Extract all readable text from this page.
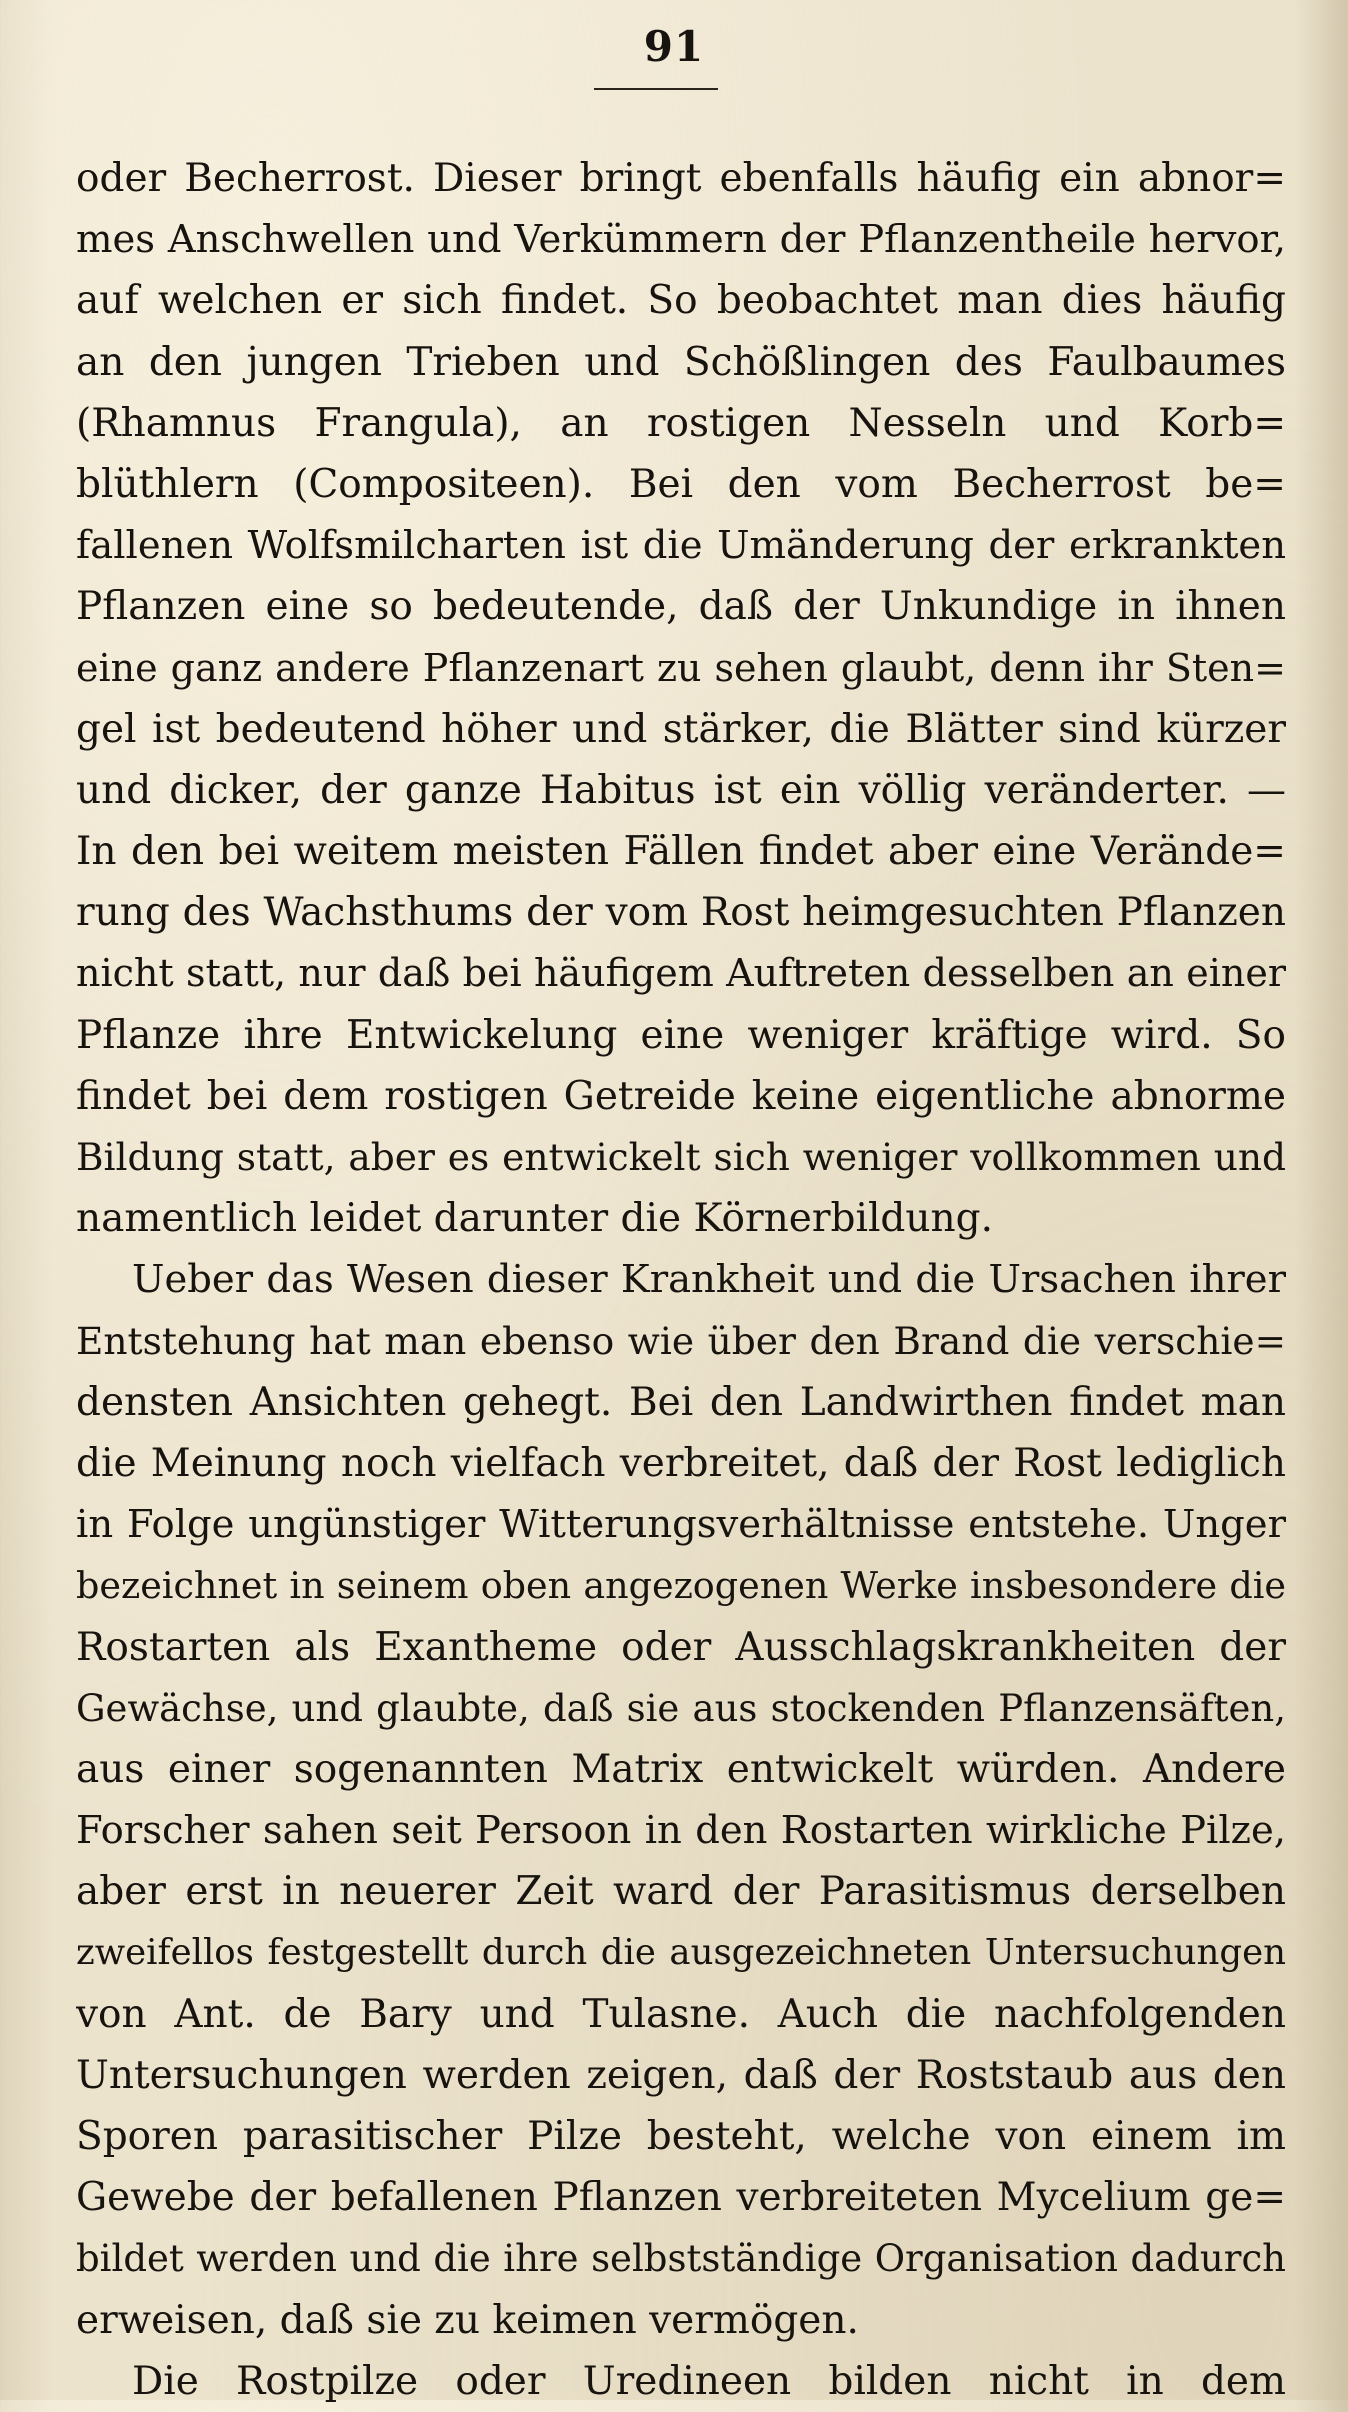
91
oder Becherrost. Dieser bringt ebenfalls häufig ein abnor=
mes Anschwellen und Verkümmern der Pflanzentheile hervor,
auf welchen er sich findet. So beobachtet man dies häufig
an den jungen Trieben und Schößlingen des Faulbaumes
(Rhamnus Frangula), an rostigen Nesseln und Korb=
blüthlern (Compositeen). Bei den vom Becherrost be=
fallenen Wolfsmilcharten ist die Umänderung der erkrankten
Pflanzen eine so bedeutende, daß der Unkundige in ihnen
eine ganz andere Pflanzenart zu sehen glaubt, denn ihr Sten=
gel ist bedeutend höher und stärker, die Blätter sind kürzer
und dicker, der ganze Habitus ist ein völlig veränderter. —
In den bei weitem meisten Fällen findet aber eine Verände=
rung des Wachsthums der vom Rost heimgesuchten Pflanzen
nicht statt, nur daß bei häufigem Auftreten desselben an einer
Pflanze ihre Entwickelung eine weniger kräftige wird. So
findet bei dem rostigen Getreide keine eigentliche abnorme
Bildung statt, aber es entwickelt sich weniger vollkommen und
namentlich leidet darunter die Körnerbildung.
Ueber das Wesen dieser Krankheit und die Ursachen ihrer
Entstehung hat man ebenso wie über den Brand die verschie=
densten Ansichten gehegt. Bei den Landwirthen findet man
die Meinung noch vielfach verbreitet, daß der Rost lediglich
in Folge ungünstiger Witterungsverhältnisse entstehe. Unger
bezeichnet in seinem oben angezogenen Werke insbesondere die
Rostarten als Exantheme oder Ausschlagskrankheiten der
Gewächse, und glaubte, daß sie aus stockenden Pflanzensäften,
aus einer sogenannten Matrix entwickelt würden. Andere
Forscher sahen seit Persoon in den Rostarten wirkliche Pilze,
aber erst in neuerer Zeit ward der Parasitismus derselben
zweifellos festgestellt durch die ausgezeichneten Untersuchungen
von Ant. de Bary und Tulasne. Auch die nachfolgenden
Untersuchungen werden zeigen, daß der Roststaub aus den
Sporen parasitischer Pilze besteht, welche von einem im
Gewebe der befallenen Pflanzen verbreiteten Mycelium ge=
bildet werden und die ihre selbstständige Organisation dadurch
erweisen, daß sie zu keimen vermögen.
Die Rostpilze oder Uredineen bilden nicht in dem
